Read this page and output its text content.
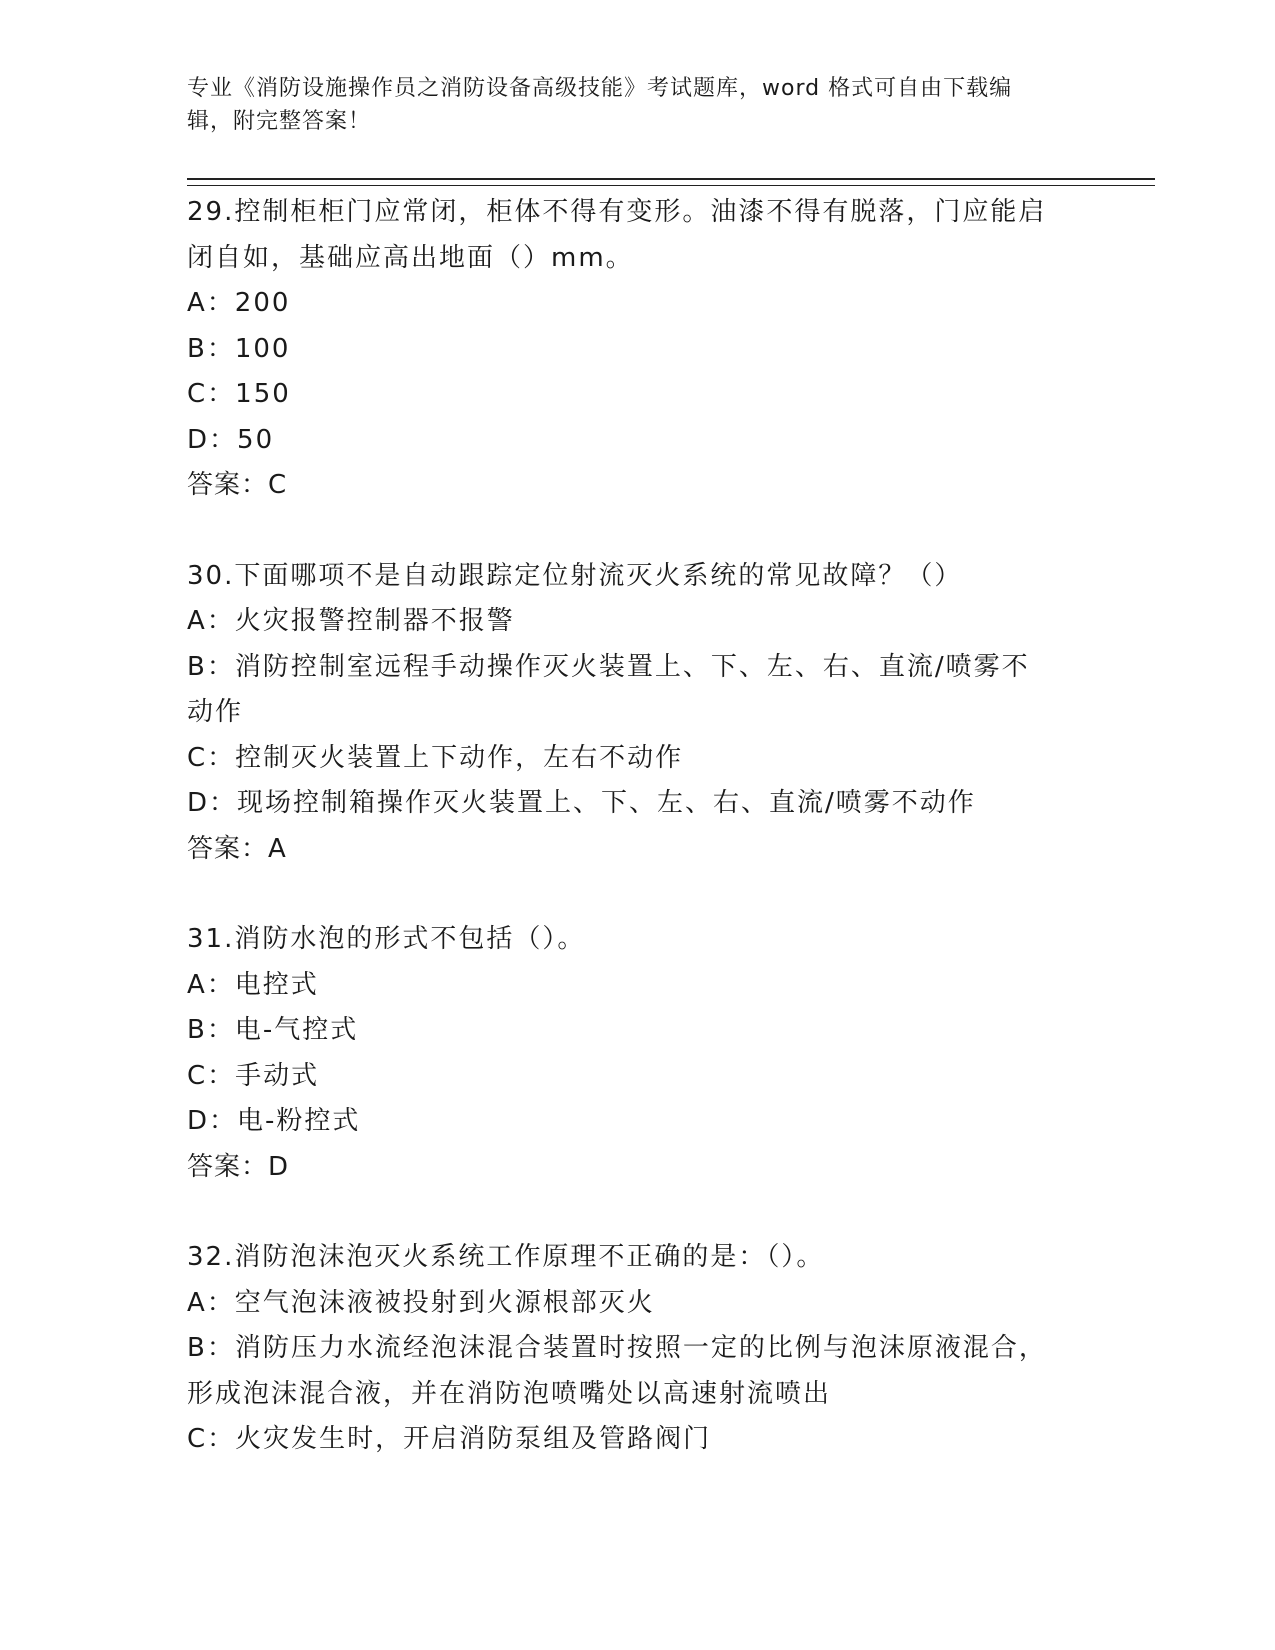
专业《消防设施操作员之消防设备高级技能》考试题库，word 格式可自由下载编
辑，附完整答案！
29.控制柜柜门应常闭，柜体不得有变形。油漆不得有脱落，门应能启
闭自如，基础应高出地面（）mm。
A：200
B：100
C：150
D：50
答案：C
30.下面哪项不是自动跟踪定位射流灭火系统的常见故障？（）
A：火灾报警控制器不报警
B：消防控制室远程手动操作灭火装置上、下、左、右、直流/喷雾不
动作
C：控制灭火装置上下动作，左右不动作
D：现场控制箱操作灭火装置上、下、左、右、直流/喷雾不动作
答案：A
31.消防水泡的形式不包括（）。
A：电控式
B：电-气控式
C：手动式
D：电-粉控式
答案：D
32.消防泡沫泡灭火系统工作原理不正确的是：（）。
A：空气泡沫液被投射到火源根部灭火
B：消防压力水流经泡沫混合装置时按照一定的比例与泡沫原液混合，
形成泡沫混合液，并在消防泡喷嘴处以高速射流喷出
C：火灾发生时，开启消防泵组及管路阀门
